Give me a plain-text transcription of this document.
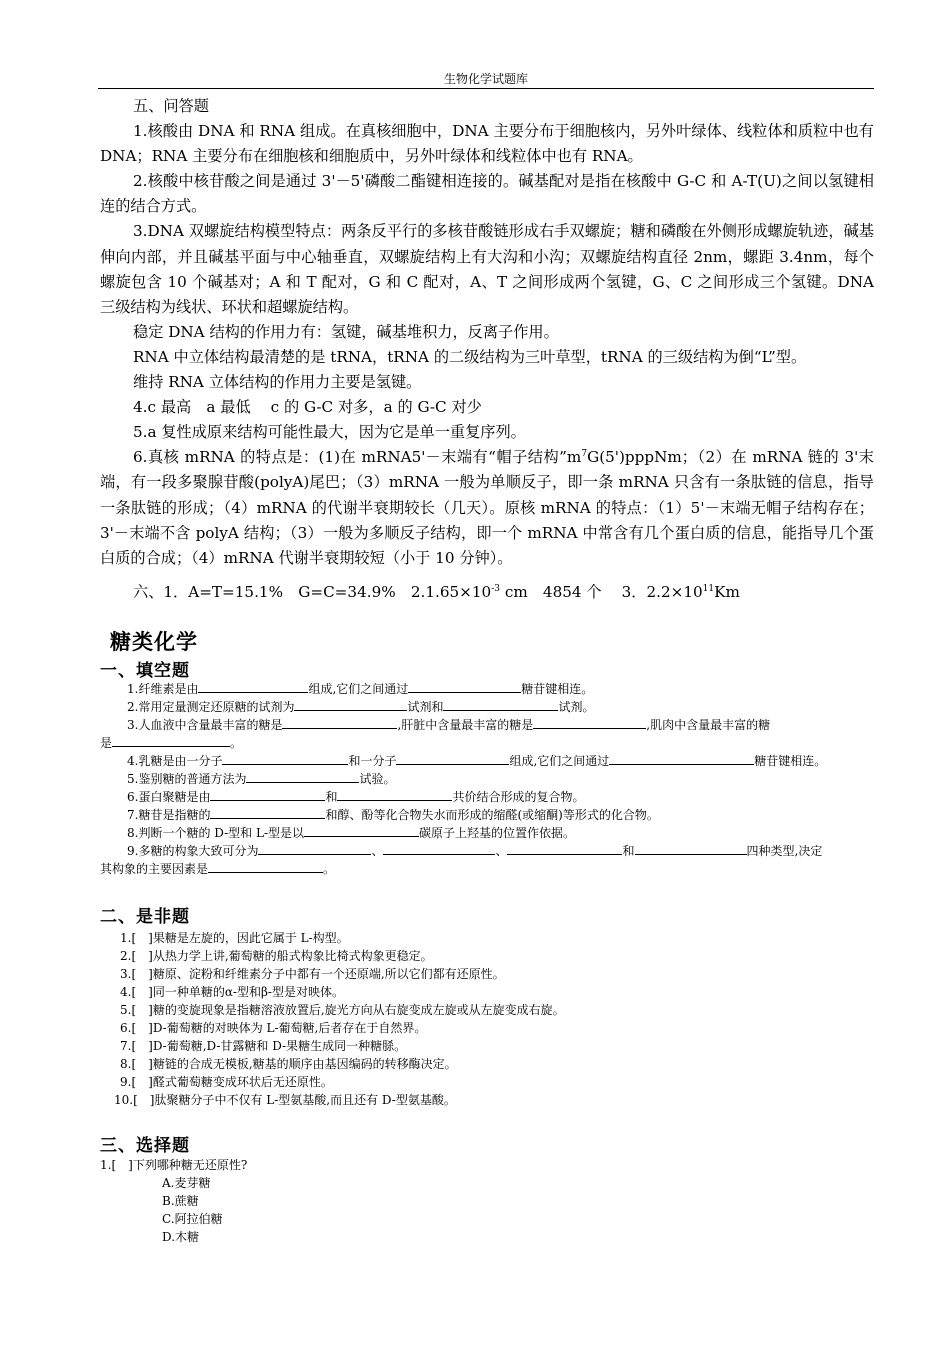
生物化学试题库

五、问答题

1.核酸由 DNA 和 RNA 组成。在真核细胞中，DNA 主要分布于细胞核内，另外叶绿体、线粒体和质粒中也有 DNA；RNA 主要分布在细胞核和细胞质中，另外叶绿体和线粒体中也有 RNA。

2.核酸中核苷酸之间是通过 3'－5'磷酸二酯键相连接的。碱基配对是指在核酸中 G-C 和 A-T(U)之间以氢键相连的结合方式。

3.DNA 双螺旋结构模型特点：两条反平行的多核苷酸链形成右手双螺旋；糖和磷酸在外侧形成螺旋轨迹，碱基伸向内部，并且碱基平面与中心轴垂直，双螺旋结构上有大沟和小沟；双螺旋结构直径 2nm，螺距 3.4nm，每个螺旋包含 10 个碱基对；A 和 T 配对，G 和 C 配对，A、T 之间形成两个氢键，G、C 之间形成三个氢键。DNA 三级结构为线状、环状和超螺旋结构。

稳定 DNA 结构的作用力有：氢键，碱基堆积力，反离子作用。

RNA 中立体结构最清楚的是 tRNA，tRNA 的二级结构为三叶草型，tRNA 的三级结构为倒“L”型。

维持 RNA 立体结构的作用力主要是氢键。

4.c 最高　a 最低　 c 的 G-C 对多，a 的 G-C 对少

5.a 复性成原来结构可能性最大，因为它是单一重复序列。

6.真核 mRNA 的特点是：(1)在 mRNA5'－末端有“帽子结构$”m^7G(5')pppNm$；（2）在 mRNA 链的 3'末端，有一段多聚腺苷酸(polyA)尾巴；（3）mRNA 一般为单顺反子，即一条 mRNA 只含有一条肽链的信息，指导一条肽链的形成；（4）mRNA 的代谢半衰期较长（几天）。原核 mRNA 的特点：（1）5'－末端无帽子结构存在；3'－末端不含 polyA 结构；（3）一般为多顺反子结构，即一个 mRNA 中常含有几个蛋白质的信息，能指导几个蛋白质的合成；（4）mRNA 代谢半衰期较短（小于 10 分钟）。

六、1．A=T=15.1%　G=C=34.9%　$2.1.65\times 10^{-3}$ cm　4854 个　 3．$2.2\times 10^{11}Km$

糖类化学
一、填空题
1.纤维素是由	组成,它们之间通过	糖苷键相连。
2.常用定量测定还原糖的试剂为	试剂和	试剂。
3.人血液中含量最丰富的糖是	,肝脏中含量最丰富的糖是	,肌肉中含量最丰富的糖
是	。
4.乳糖是由一分子	和一分子	组成,它们之间通过	糖苷键相连。
5.鉴别糖的普通方法为	试验。
6.蛋白聚糖是由	和	共价结合形成的复合物。
7.糖苷是指糖的	和醇、酚等化合物失水而形成的缩醛(或缩酮)等形式的化合物。
8.判断一个糖的 D-型和 L-型是以	碳原子上羟基的位置作依据。
9.多糖的构象大致可分为	、	、	和	四种类型,决定
其构象的主要因素是	。
二、是非题
1.[　]果糖是左旋的，因此它属于 L-构型。
2.[　]从热力学上讲,葡萄糖的船式构象比椅式构象更稳定。
3.[　]糖原、淀粉和纤维素分子中都有一个还原端,所以它们都有还原性。
4.[　]同一种单糖的α-型和β-型是对映体。
5.[　]糖的变旋现象是指糖溶液放置后,旋光方向从右旋变成左旋或从左旋变成右旋。
6.[　]D-葡萄糖的对映体为 L-葡萄糖,后者存在于自然界。
7.[　]D-葡萄糖,D-甘露糖和 D-果糖生成同一种糖脎。
8.[　]糖链的合成无模板,糖基的顺序由基因编码的转移酶决定。
9.[　]醛式葡萄糖变成环状后无还原性。
10.[　]肽聚糖分子中不仅有 L-型氨基酸,而且还有 D-型氨基酸。
三、选择题
1.[　]下列哪种糖无还原性?
A.麦芽糖
B.蔗糖
C.阿拉伯糖
D.木糖
